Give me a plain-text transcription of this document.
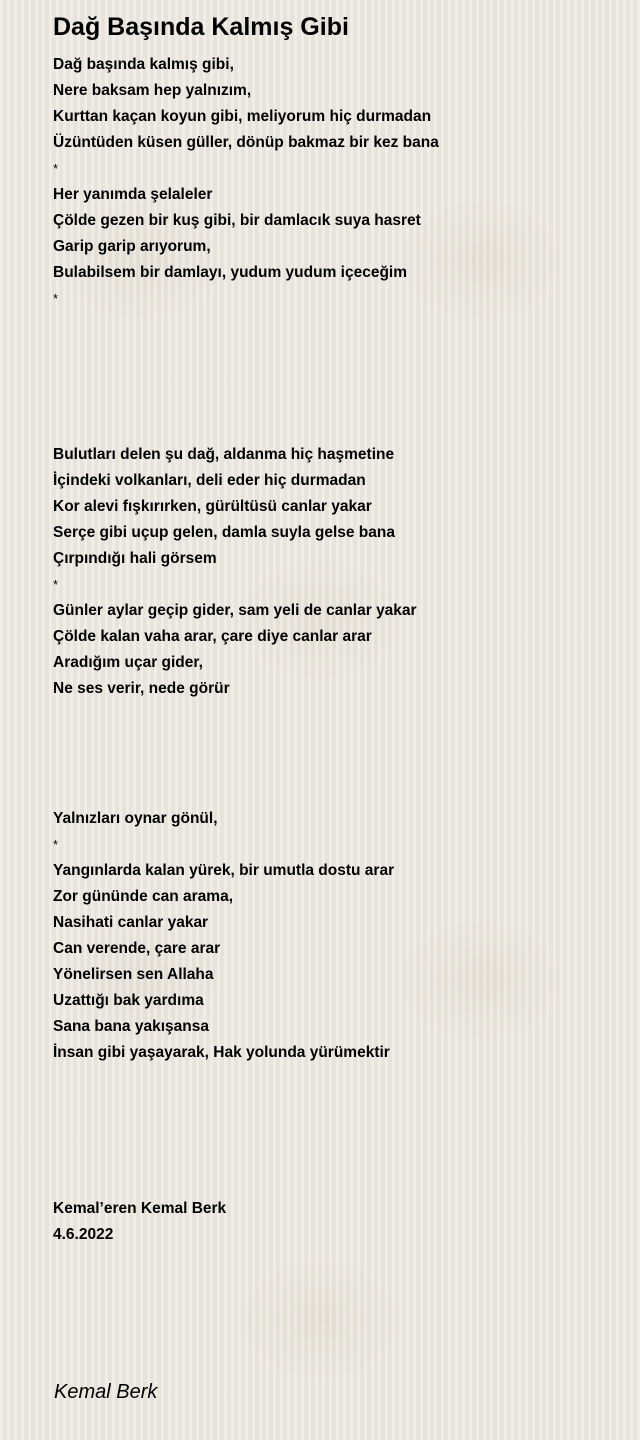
Dağ Başında Kalmış Gibi
Dağ başında kalmış gibi,
Nere baksam hep yalnızım,
Kurttan kaçan koyun gibi, meliyorum hiç durmadan
Üzüntüden küsen güller, dönüp bakmaz bir kez bana
*
Her yanımda şelaleler
Çölde gezen bir kuş gibi, bir damlacık suya hasret
Garip garip arıyorum,
Bulabilsem bir damlayı, yudum yudum içeceğim
*
Bulutları delen şu dağ, aldanma hiç haşmetine
İçindeki volkanları, deli eder hiç durmadan
Kor alevi fışkırırken, gürültüsü canlar yakar
Serçe gibi uçup gelen, damla suyla gelse bana
Çırpındığı hali görsem
*
Günler aylar geçip gider, sam yeli de canlar yakar
Çölde kalan vaha arar, çare diye canlar arar
Aradığım uçar gider,
Ne ses verir, nede görür
Yalnızları oynar gönül,
*
Yangınlarda kalan yürek, bir umutla dostu arar
Zor gününde can arama,
Nasihati canlar yakar
Can verende, çare arar
Yönelirsen sen Allaha
Uzattığı bak yardıma
Sana bana yakışansa
İnsan gibi yaşayarak, Hak yolunda yürümektir
Kemal’eren Kemal Berk
4.6.2022
Kemal Berk
